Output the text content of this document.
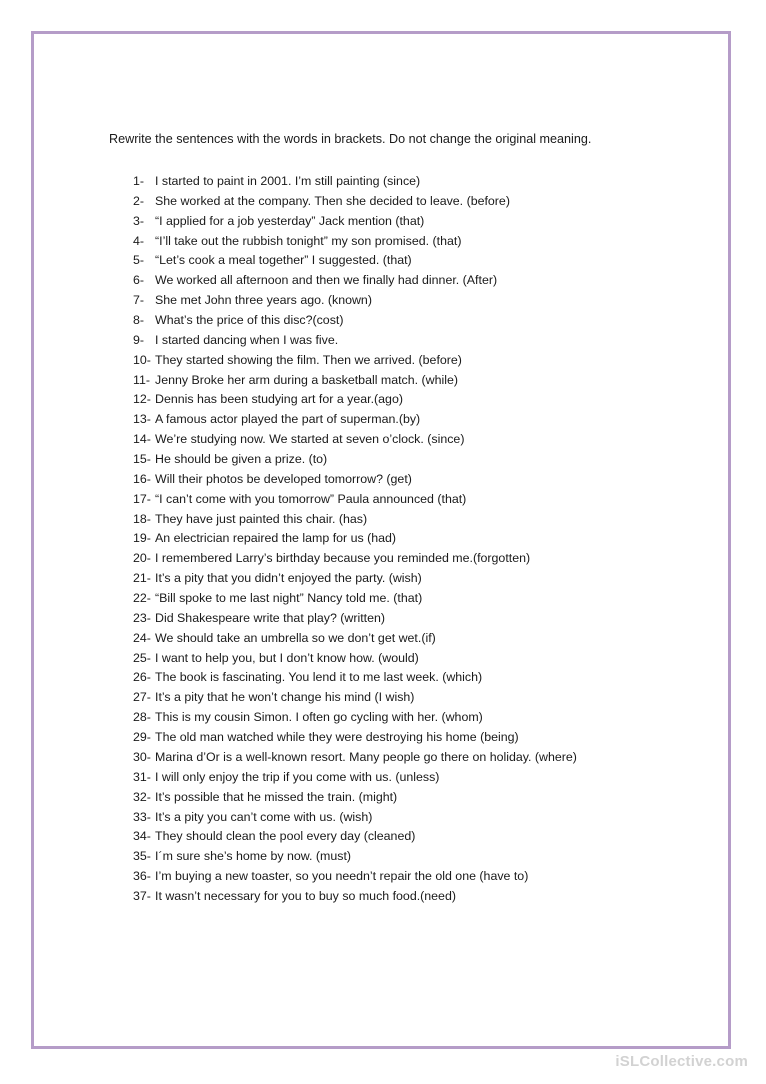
Rewrite the sentences with the words in brackets. Do not change the original meaning.
1- I started to paint in 2001. I’m still painting (since)
2- She worked at the company. Then she decided to leave. (before)
3- “I applied for a job yesterday” Jack mention (that)
4- “I’ll take out the rubbish tonight” my son promised. (that)
5- “Let’s cook a meal together” I suggested. (that)
6- We worked all afternoon and then we finally had dinner. (After)
7- She met John three years ago. (known)
8- What’s the price of this disc?(cost)
9- I started dancing when I was five.
10- They started showing the film. Then we arrived. (before)
11- Jenny Broke her arm during a basketball match. (while)
12- Dennis has been studying art for a year.(ago)
13- A famous actor played the part of superman.(by)
14- We’re studying now. We started at seven o’clock. (since)
15- He should be given a prize. (to)
16- Will their photos be developed tomorrow? (get)
17- “I can’t come with you tomorrow” Paula announced (that)
18- They have just painted this chair. (has)
19- An electrician repaired the lamp for us (had)
20- I remembered Larry’s birthday because you reminded me.(forgotten)
21- It’s a pity that you didn’t enjoyed the party. (wish)
22- “Bill spoke to me last night” Nancy told me. (that)
23- Did Shakespeare write that play? (written)
24- We should take an umbrella so we don’t get wet.(if)
25- I want to help you, but I don’t know how. (would)
26- The book is fascinating. You lend it to me last week. (which)
27- It’s a pity that he won’t change his mind (I wish)
28- This is my cousin Simon. I often go cycling with her. (whom)
29- The old man watched while they were destroying his home (being)
30- Marina d’Or is a well-known resort. Many people go there on holiday. (where)
31- I will only enjoy the trip if you come with us. (unless)
32- It’s possible that he missed the train. (might)
33- It’s a pity you can’t come with us. (wish)
34- They should clean the pool every day (cleaned)
35- I´m sure she’s home by now. (must)
36- I’m buying a new toaster, so you needn’t repair the old one (have to)
37- It wasn’t necessary for you to buy so much food.(need)
iSLCollective.com
